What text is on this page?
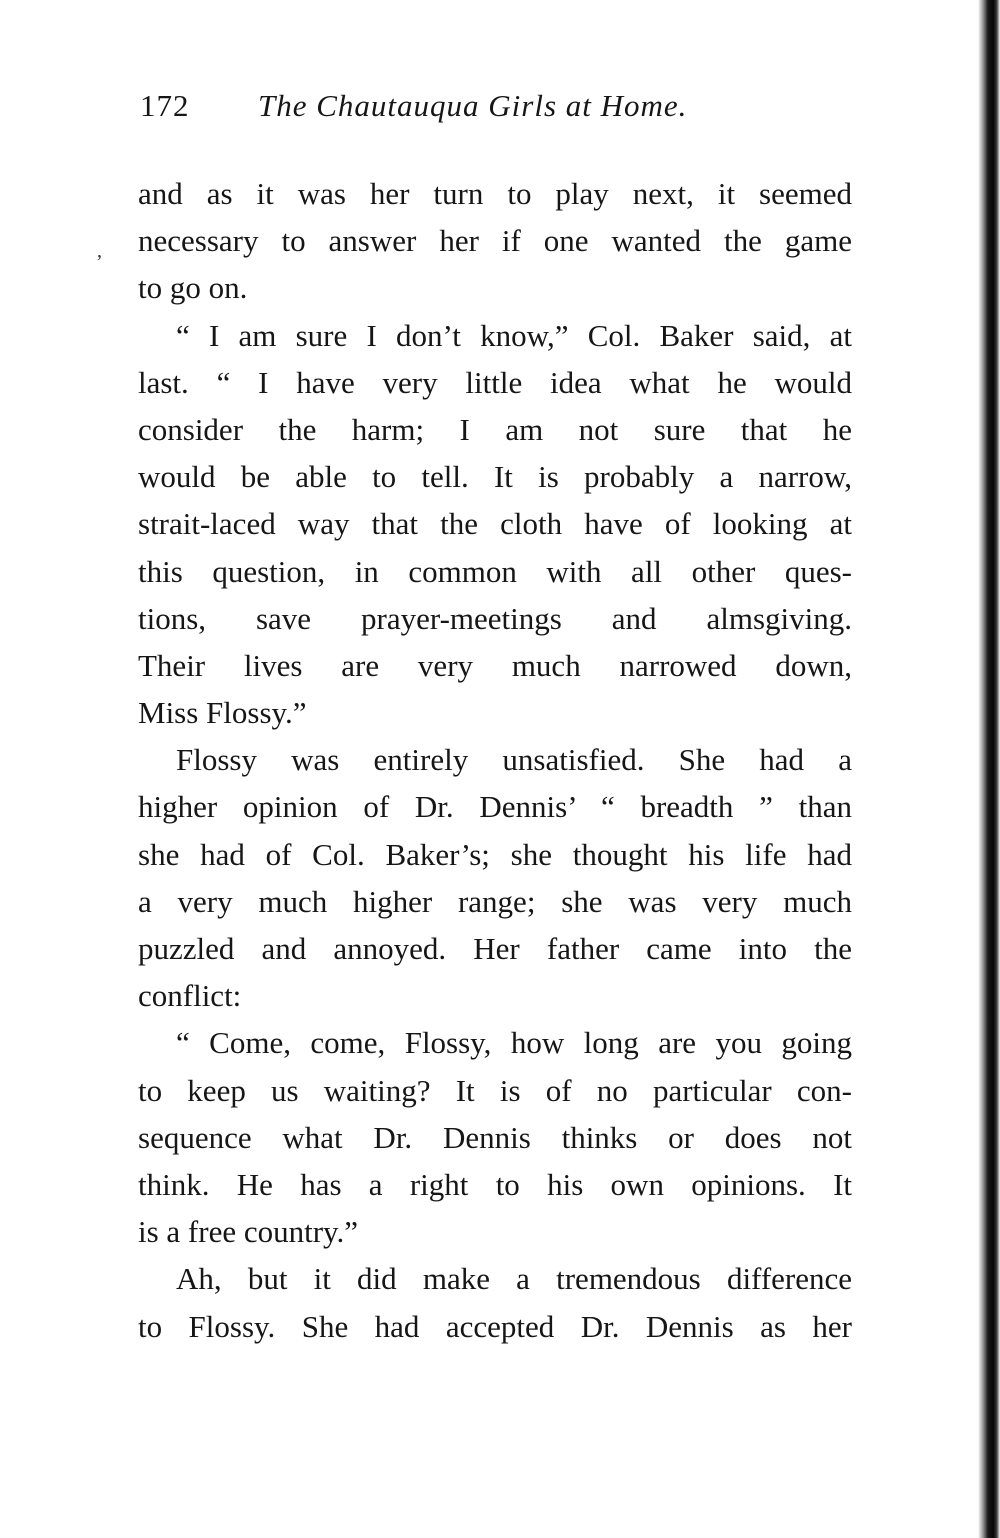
172 The Chautauqua Girls at Home.
‚
and as it was her turn to play next, it seemed
necessary to answer her if one wanted the game
to go on.
“ I am sure I don’t know,” Col. Baker said, at
last. “ I have very little idea what he would
consider the harm; I am not sure that he
would be able to tell. It is probably a narrow,
strait-laced way that the cloth have of looking at
this question, in common with all other ques-
tions, save prayer-meetings and almsgiving.
Their lives are very much narrowed down,
Miss Flossy.”
Flossy was entirely unsatisfied. She had a
higher opinion of Dr. Dennis’ “ breadth ” than
she had of Col. Baker’s; she thought his life had
a very much higher range; she was very much
puzzled and annoyed. Her father came into the
conflict:
“ Come, come, Flossy, how long are you going
to keep us waiting? It is of no particular con-
sequence what Dr. Dennis thinks or does not
think. He has a right to his own opinions. It
is a free country.”
Ah, but it did make a tremendous difference
to Flossy. She had accepted Dr. Dennis as her
